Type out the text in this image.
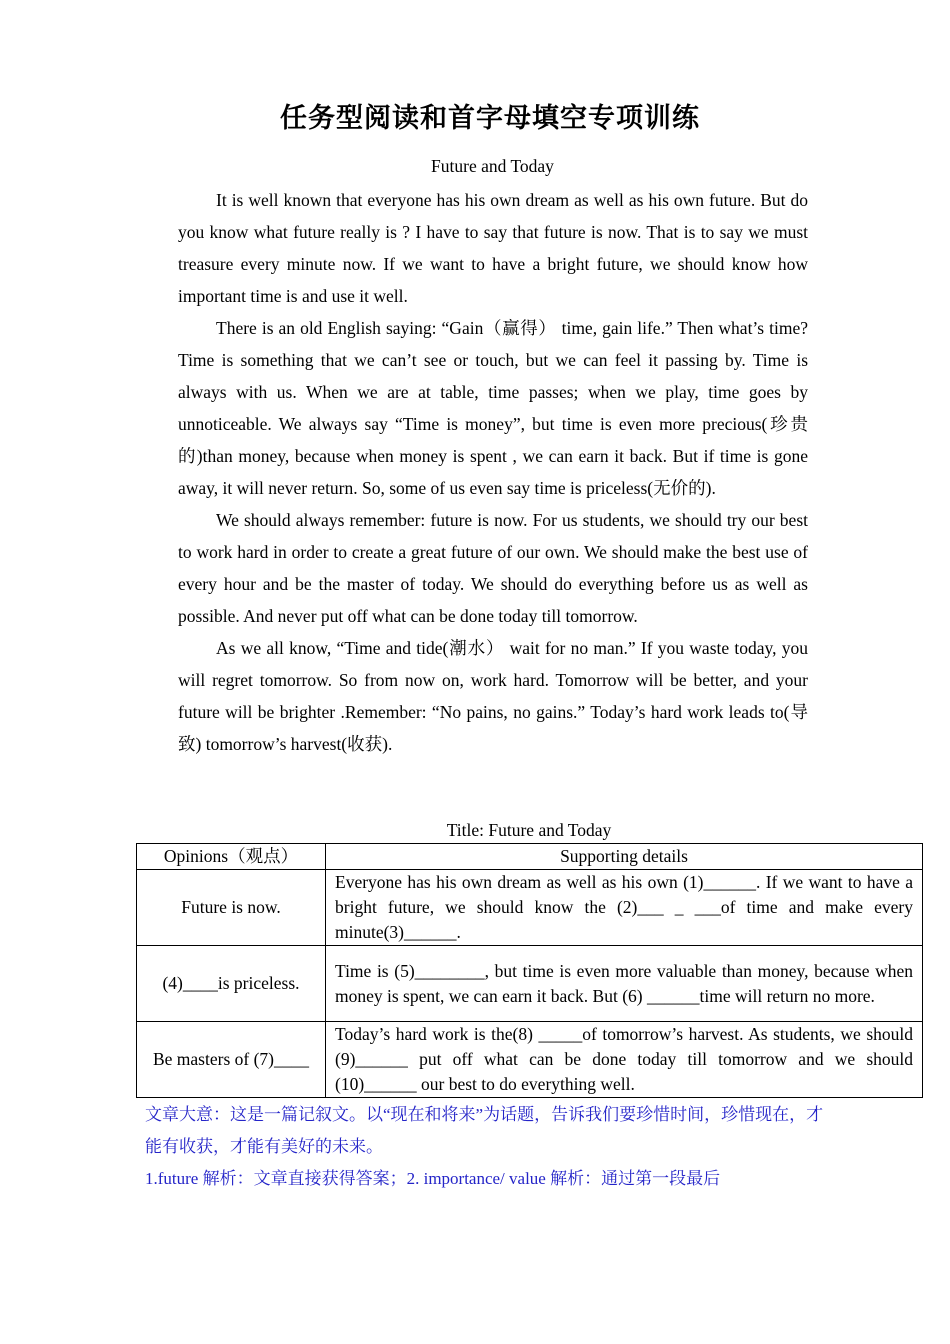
任务型阅读和首字母填空专项训练
Future and Today

It is well known that everyone has his own dream as well as his own future. But do you know what future really is ? I have to say that future is now. That is to say we must treasure every minute now. If we want to have a bright future, we should know how important time is and use it well.

There is an old English saying: “Gain（赢得） time, gain life.” Then what’s time? Time is something that we can’t see or touch, but we can feel it passing by. Time is always with us. When we are at table, time passes; when we play, time goes by unnoticeable. We always say “Time is money”, but time is even more precious(珍贵的)than money, because when money is spent , we can earn it back. But if time is gone away, it will never return. So, some of us even say time is priceless(无价的).

We should always remember: future is now. For us students, we should try our best to work hard in order to create a great future of our own. We should make the best use of every hour and be the master of today. We should do everything before us as well as possible. And never put off what can be done today till tomorrow.

As we all know, “Time and tide(潮水） wait for no man.” If you waste today, you will regret tomorrow. So from now on, work hard. Tomorrow will be better, and your future will be brighter .Remember: “No pains, no gains.” Today’s hard work leads to(导致) tomorrow’s harvest(收获).

Title: Future and Today
Opinions（观点）	Supporting details
Future is now.	Everyone has his own dream as well as his own (1)______. If we want to have a bright future, we should know the (2)___ _ ___of time and make every minute(3)______.
(4)____is priceless.	Time is (5)________, but time is even more valuable than money, because when money is spent, we can earn it back. But (6) ______time will return no more.
Be masters of (7)____	Today’s hard work is the(8) _____of tomorrow’s harvest. As students, we should (9)______ put off what can be done today till tomorrow and we should (10)______ our best to do everything well.

文章大意：这是一篇记叙文。以“现在和将来”为话题，告诉我们要珍惜时间，珍惜现在，才能有收获，才能有美好的未来。

1.future 解析：文章直接获得答案；2. importance/ value 解析：通过第一段最后
